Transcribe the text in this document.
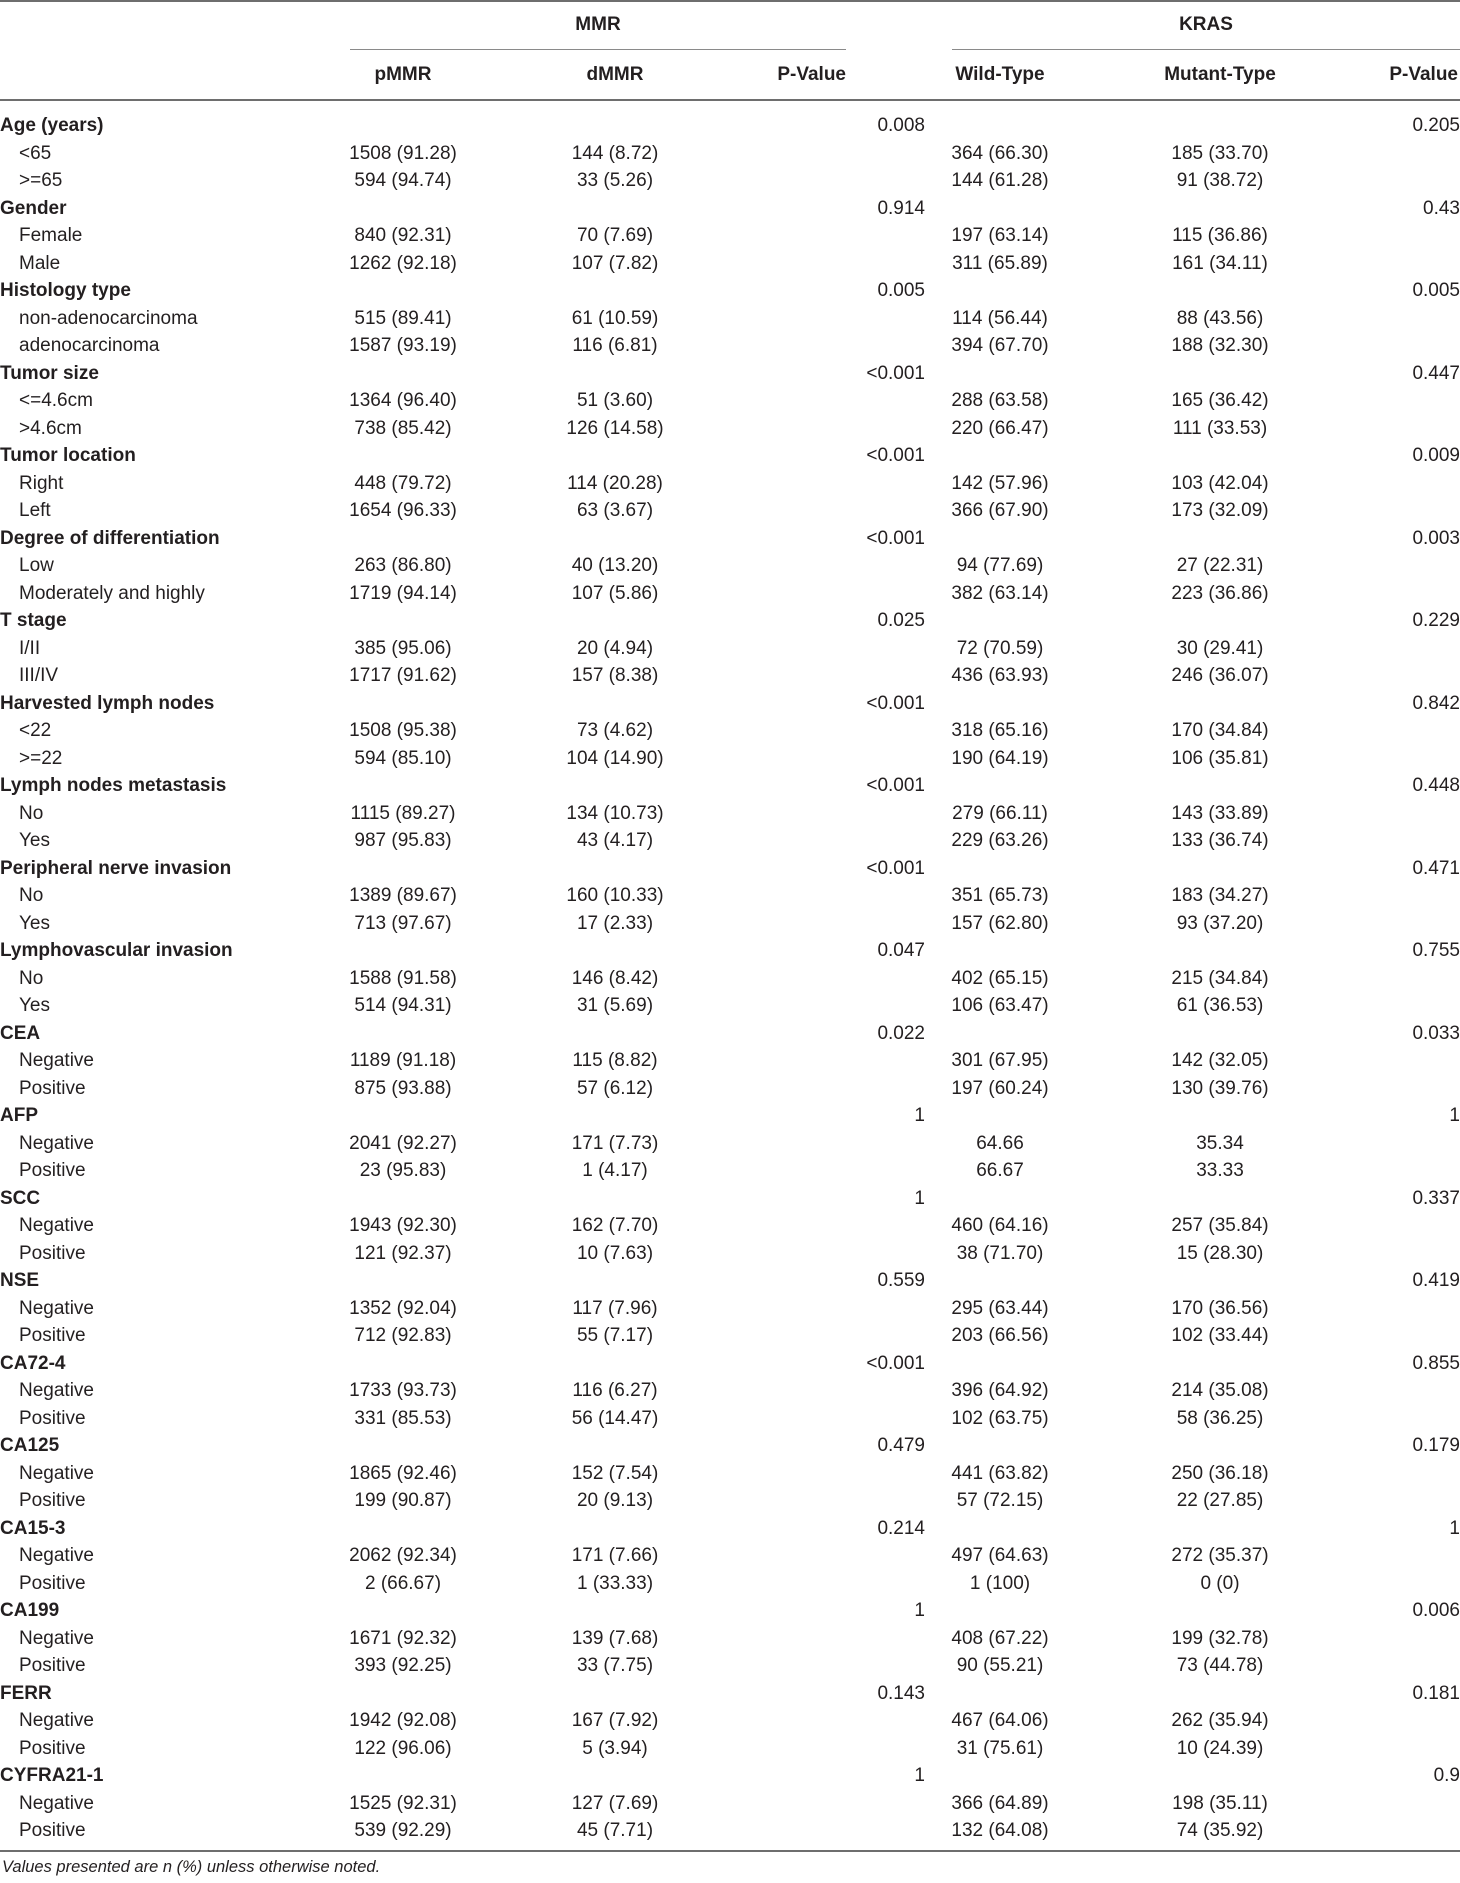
MMR	KRAS
pMMR	dMMR	P-Value	Wild-Type	Mutant-Type	P-Value
Age (years)					0.008				0.205
<65	1508 (91.28)		144 (8.72)			364 (66.30)		185 (33.70)	
>=65	594 (94.74)		33 (5.26)			144 (61.28)		91 (38.72)	
Gender					0.914				0.43
Female	840 (92.31)		70 (7.69)			197 (63.14)		115 (36.86)	
Male	1262 (92.18)		107 (7.82)			311 (65.89)		161 (34.11)	
Histology type					0.005				0.005
non-adenocarcinoma	515 (89.41)		61 (10.59)			114 (56.44)		88 (43.56)	
adenocarcinoma	1587 (93.19)		116 (6.81)			394 (67.70)		188 (32.30)	
Tumor size					<0.001				0.447
<=4.6cm	1364 (96.40)		51 (3.60)			288 (63.58)		165 (36.42)	
>4.6cm	738 (85.42)		126 (14.58)			220 (66.47)		111 (33.53)	
Tumor location					<0.001				0.009
Right	448 (79.72)		114 (20.28)			142 (57.96)		103 (42.04)	
Left	1654 (96.33)		63 (3.67)			366 (67.90)		173 (32.09)	
Degree of differentiation					<0.001				0.003
Low	263 (86.80)		40 (13.20)			94 (77.69)		27 (22.31)	
Moderately and highly	1719 (94.14)		107 (5.86)			382 (63.14)		223 (36.86)	
T stage					0.025				0.229
I/II	385 (95.06)		20 (4.94)			72 (70.59)		30 (29.41)	
III/IV	1717 (91.62)		157 (8.38)			436 (63.93)		246 (36.07)	
Harvested lymph nodes					<0.001				0.842
<22	1508 (95.38)		73 (4.62)			318 (65.16)		170 (34.84)	
>=22	594 (85.10)		104 (14.90)			190 (64.19)		106 (35.81)	
Lymph nodes metastasis					<0.001				0.448
No	1115 (89.27)		134 (10.73)			279 (66.11)		143 (33.89)	
Yes	987 (95.83)		43 (4.17)			229 (63.26)		133 (36.74)	
Peripheral nerve invasion					<0.001				0.471
No	1389 (89.67)		160 (10.33)			351 (65.73)		183 (34.27)	
Yes	713 (97.67)		17 (2.33)			157 (62.80)		93 (37.20)	
Lymphovascular invasion					0.047				0.755
No	1588 (91.58)		146 (8.42)			402 (65.15)		215 (34.84)	
Yes	514 (94.31)		31 (5.69)			106 (63.47)		61 (36.53)	
CEA					0.022				0.033
Negative	1189 (91.18)		115 (8.82)			301 (67.95)		142 (32.05)	
Positive	875 (93.88)		57 (6.12)			197 (60.24)		130 (39.76)	
AFP					1				1
Negative	2041 (92.27)		171 (7.73)			64.66		35.34	
Positive	23 (95.83)		1 (4.17)			66.67		33.33	
SCC					1				0.337
Negative	1943 (92.30)		162 (7.70)			460 (64.16)		257 (35.84)	
Positive	121 (92.37)		10 (7.63)			38 (71.70)		15 (28.30)	
NSE					0.559				0.419
Negative	1352 (92.04)		117 (7.96)			295 (63.44)		170 (36.56)	
Positive	712 (92.83)		55 (7.17)			203 (66.56)		102 (33.44)	
CA72-4					<0.001				0.855
Negative	1733 (93.73)		116 (6.27)			396 (64.92)		214 (35.08)	
Positive	331 (85.53)		56 (14.47)			102 (63.75)		58 (36.25)	
CA125					0.479				0.179
Negative	1865 (92.46)		152 (7.54)			441 (63.82)		250 (36.18)	
Positive	199 (90.87)		20 (9.13)			57 (72.15)		22 (27.85)	
CA15-3					0.214				1
Negative	2062 (92.34)		171 (7.66)			497 (64.63)		272 (35.37)	
Positive	2 (66.67)		1 (33.33)			1 (100)		0 (0)	
CA199					1				0.006
Negative	1671 (92.32)		139 (7.68)			408 (67.22)		199 (32.78)	
Positive	393 (92.25)		33 (7.75)			90 (55.21)		73 (44.78)	
FERR					0.143				0.181
Negative	1942 (92.08)		167 (7.92)			467 (64.06)		262 (35.94)	
Positive	122 (96.06)		5 (3.94)			31 (75.61)		10 (24.39)	
CYFRA21-1					1				0.9
Negative	1525 (92.31)		127 (7.69)			366 (64.89)		198 (35.11)	
Positive	539 (92.29)		45 (7.71)			132 (64.08)		74 (35.92)	
Values presented are n (%) unless otherwise noted.
